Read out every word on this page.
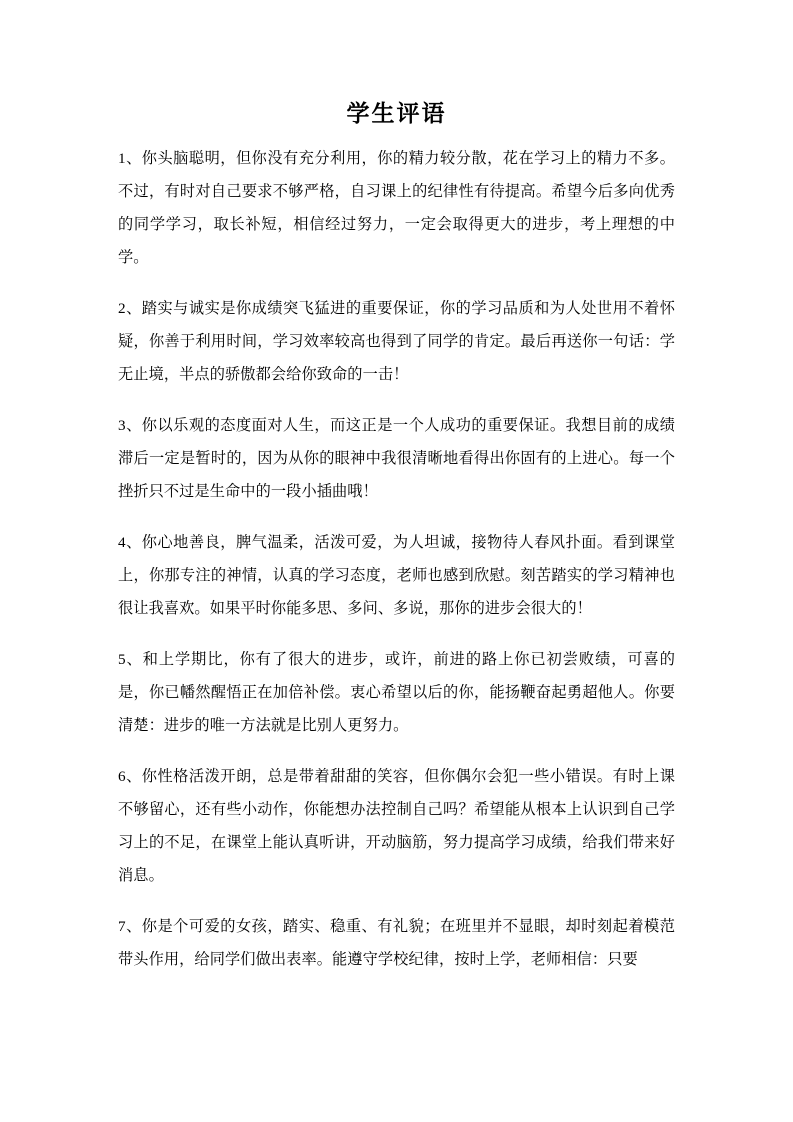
学生评语

1、你头脑聪明，但你没有充分利用，你的精力较分散，花在学习上的精力不多。不过，有时对自己要求不够严格，自习课上的纪律性有待提高。希望今后多向优秀的同学学习，取长补短，相信经过努力，一定会取得更大的进步，考上理想的中学。

2、踏实与诚实是你成绩突飞猛进的重要保证，你的学习品质和为人处世用不着怀疑，你善于利用时间，学习效率较高也得到了同学的肯定。最后再送你一句话：学无止境，半点的骄傲都会给你致命的一击！

3、你以乐观的态度面对人生，而这正是一个人成功的重要保证。我想目前的成绩滞后一定是暂时的，因为从你的眼神中我很清晰地看得出你固有的上进心。每一个挫折只不过是生命中的一段小插曲哦！

4、你心地善良，脾气温柔，活泼可爱，为人坦诚，接物待人春风扑面。看到课堂上，你那专注的神情，认真的学习态度，老师也感到欣慰。刻苦踏实的学习精神也很让我喜欢。如果平时你能多思、多问、多说，那你的进步会很大的！

5、和上学期比，你有了很大的进步，或许，前进的路上你已初尝败绩，可喜的是，你已幡然醒悟正在加倍补偿。衷心希望以后的你，能扬鞭奋起勇超他人。你要清楚：进步的唯一方法就是比别人更努力。

6、你性格活泼开朗，总是带着甜甜的笑容，但你偶尔会犯一些小错误。有时上课不够留心，还有些小动作，你能想办法控制自己吗？希望能从根本上认识到自己学习上的不足，在课堂上能认真听讲，开动脑筋，努力提高学习成绩，给我们带来好消息。

7、你是个可爱的女孩，踏实、稳重、有礼貌；在班里并不显眼，却时刻起着模范带头作用，给同学们做出表率。能遵守学校纪律，按时上学，老师相信：只要
